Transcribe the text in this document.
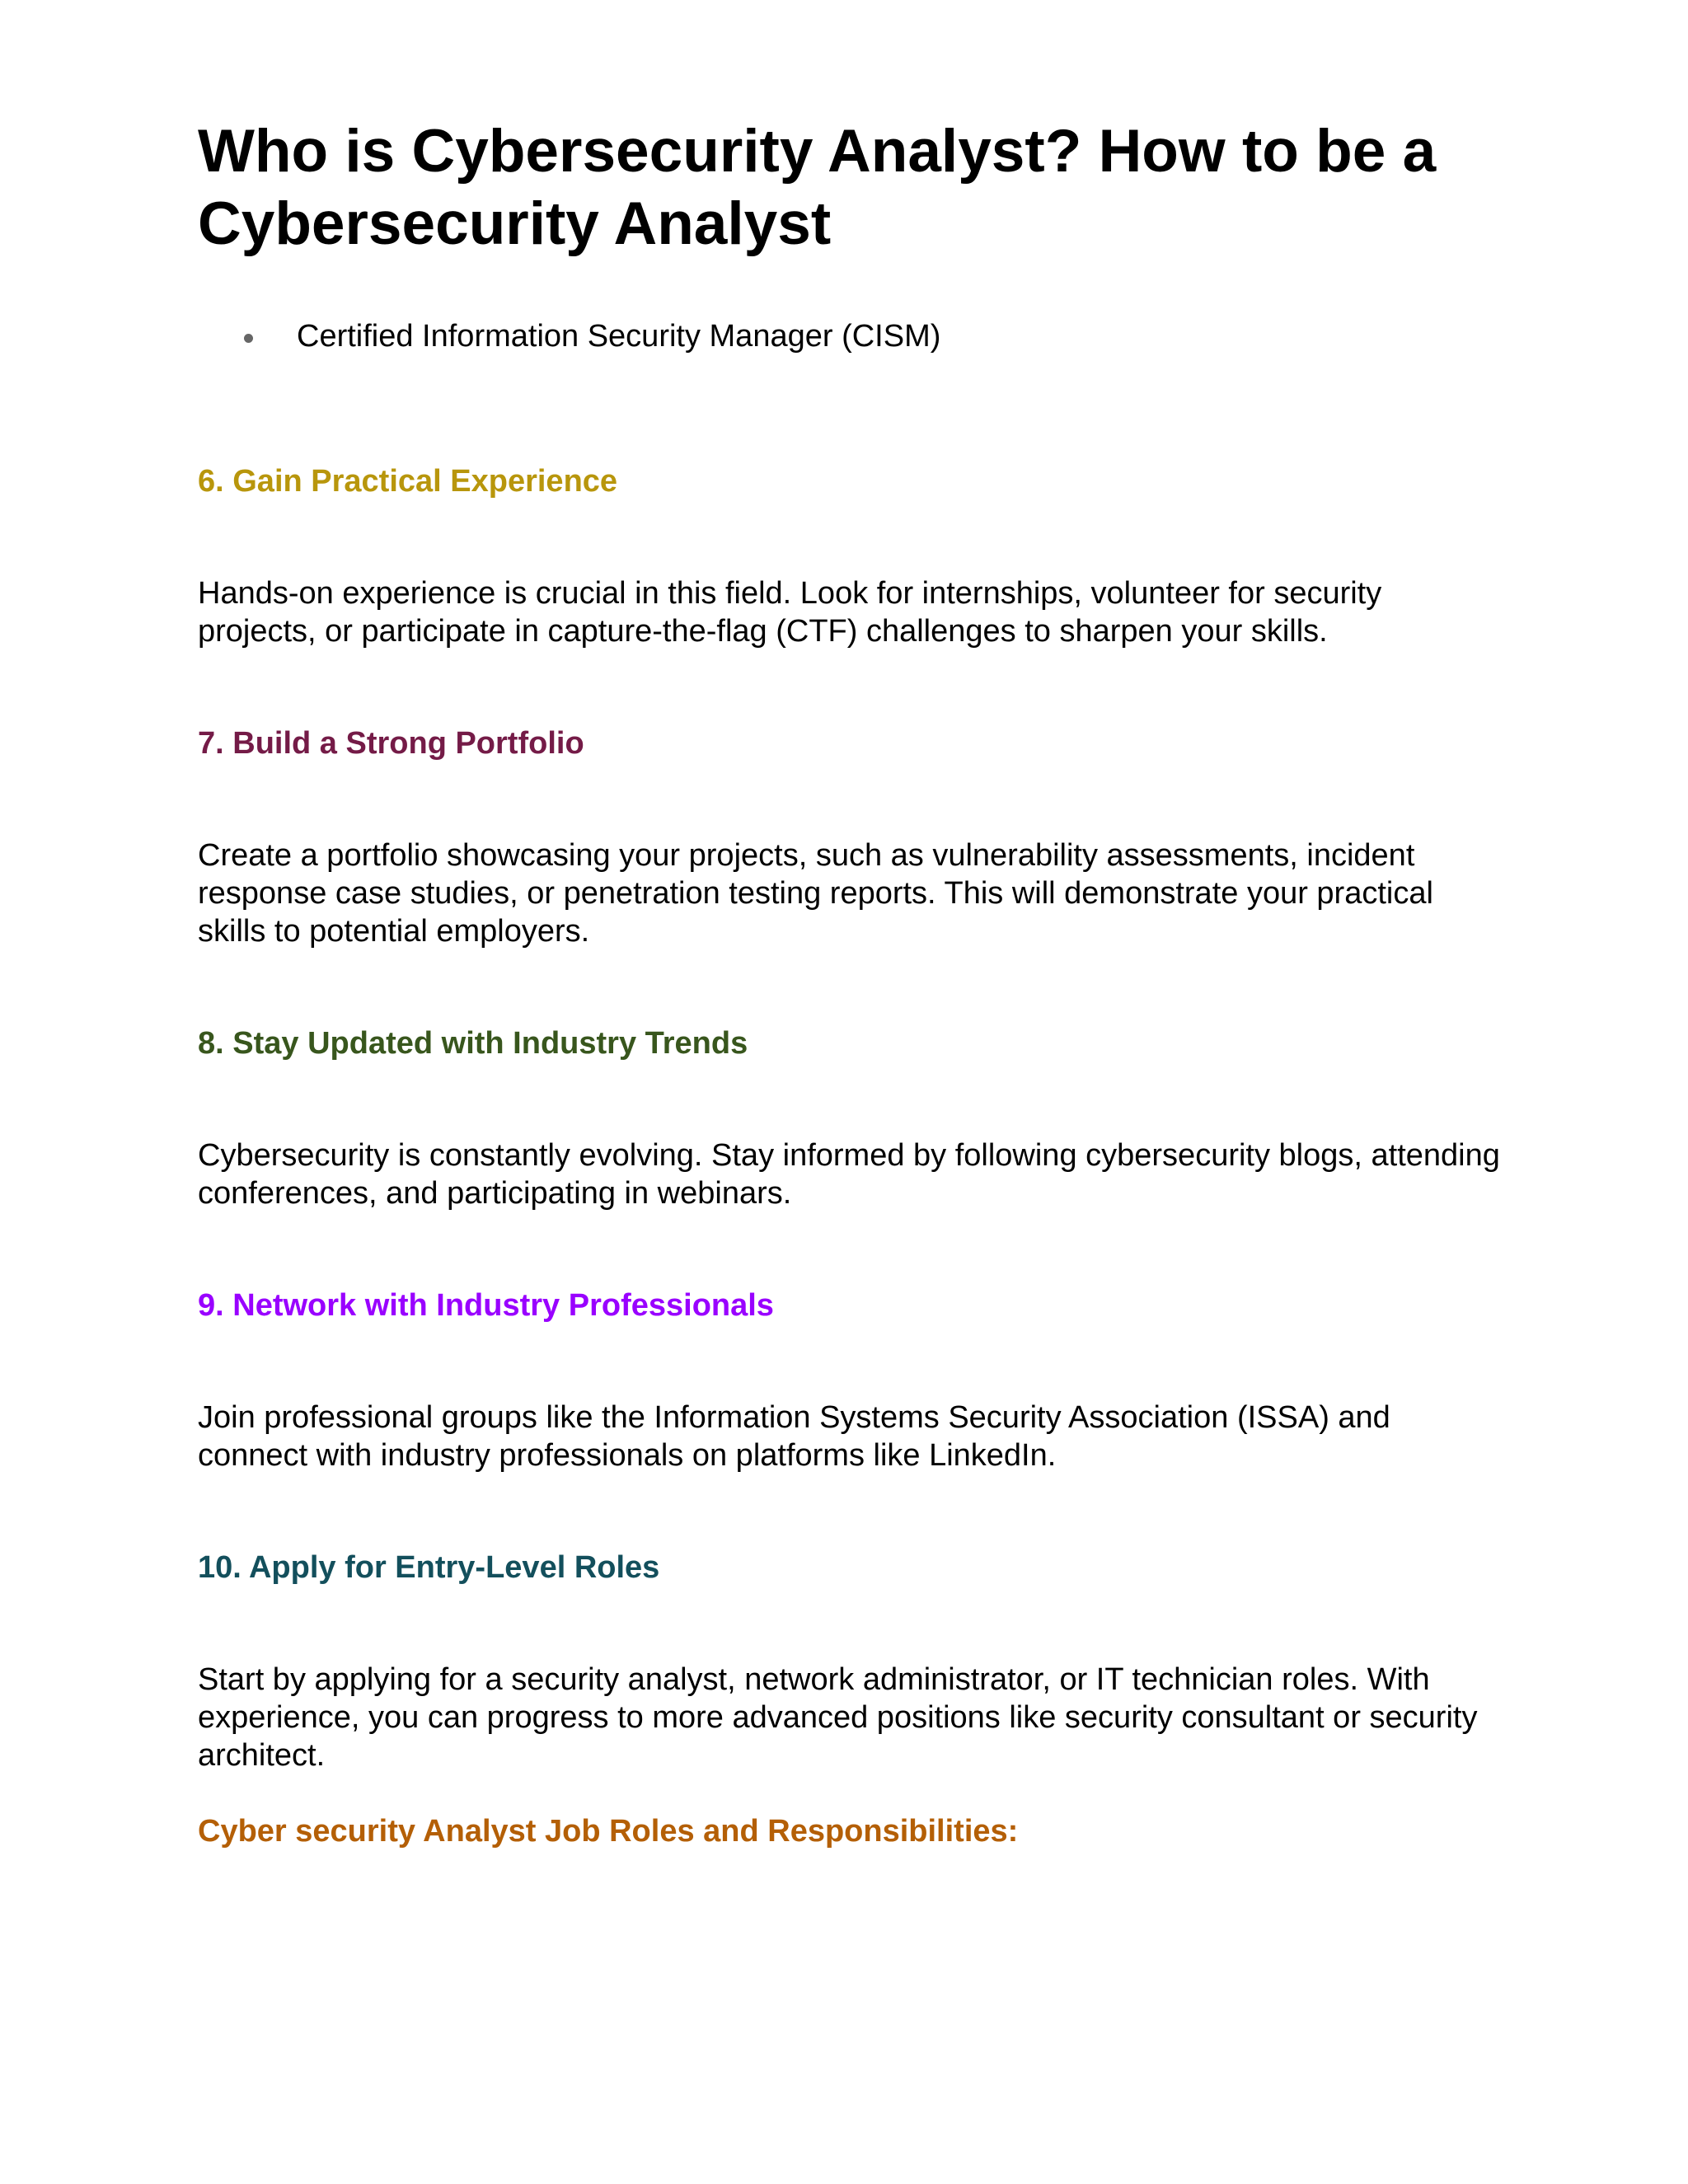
Who is Cybersecurity Analyst? How to be a Cybersecurity Analyst
Certified Information Security Manager (CISM)
6. Gain Practical Experience

Hands-on experience is crucial in this field. Look for internships, volunteer for security projects, or participate in capture-the-flag (CTF) challenges to sharpen your skills.

7. Build a Strong Portfolio

Create a portfolio showcasing your projects, such as vulnerability assessments, incident response case studies, or penetration testing reports. This will demonstrate your practical skills to potential employers.

8. Stay Updated with Industry Trends

Cybersecurity is constantly evolving. Stay informed by following cybersecurity blogs, attending conferences, and participating in webinars.

9. Network with Industry Professionals

Join professional groups like the Information Systems Security Association (ISSA) and connect with industry professionals on platforms like LinkedIn.

10. Apply for Entry-Level Roles

Start by applying for a security analyst, network administrator, or IT technician roles. With experience, you can progress to more advanced positions like security consultant or security architect.

Cyber security Analyst Job Roles and Responsibilities:
